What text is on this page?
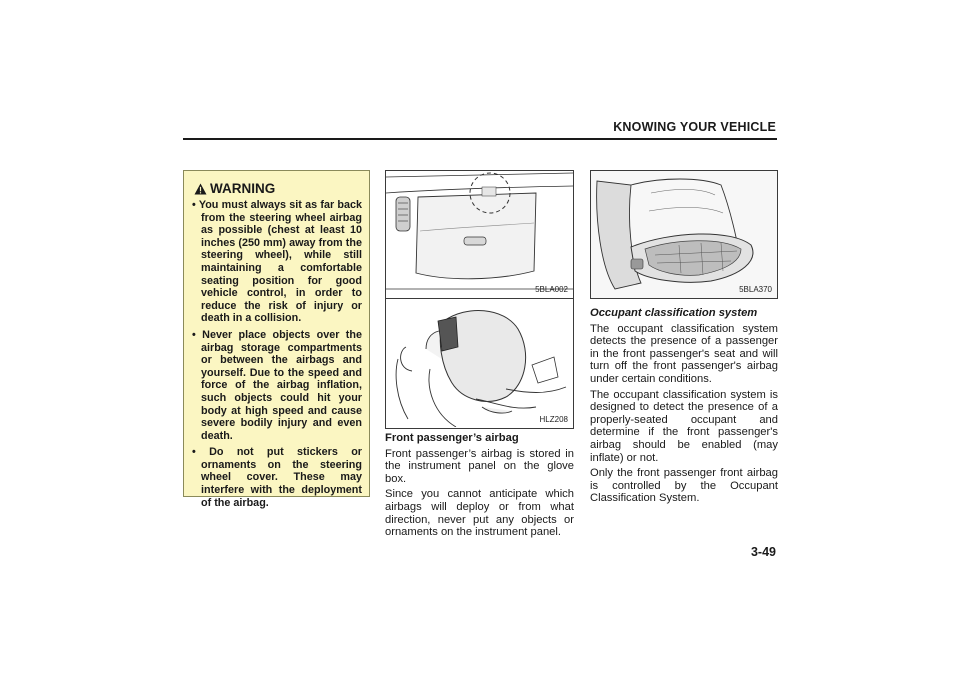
KNOWING YOUR VEHICLE
WARNING
• You must always sit as far back from the steering wheel airbag as possible (chest at least 10 inches (250 mm) away from the steering wheel), while still maintaining a comfortable seating position for good vehicle control, in order to reduce the risk of injury or death in a collision.
• Never place objects over the airbag storage compartments or between the airbags and yourself. Due to the speed and force of the airbag inflation, such objects could hit your body at high speed and cause severe bodily injury and even death.
• Do not put stickers or ornaments on the steering wheel cover. These may interfere with the deployment of the airbag.
5BLA002
HLZ208
5BLA370
Front passenger’s airbag

Front passenger’s airbag is stored in the instrument panel on the glove box.

Since you cannot anticipate which airbags will deploy or from what direction, never put any objects or ornaments on the instrument panel.

Occupant classification system

The occupant classification system detects the presence of a passenger in the front passenger's seat and will turn off the front passenger's airbag under certain conditions.

The occupant classification system is designed to detect the presence of a properly-seated occupant and determine if the front passenger's airbag should be enabled (may inflate) or not.

Only the front passenger front airbag is controlled by the Occupant Classification System.

3-49
